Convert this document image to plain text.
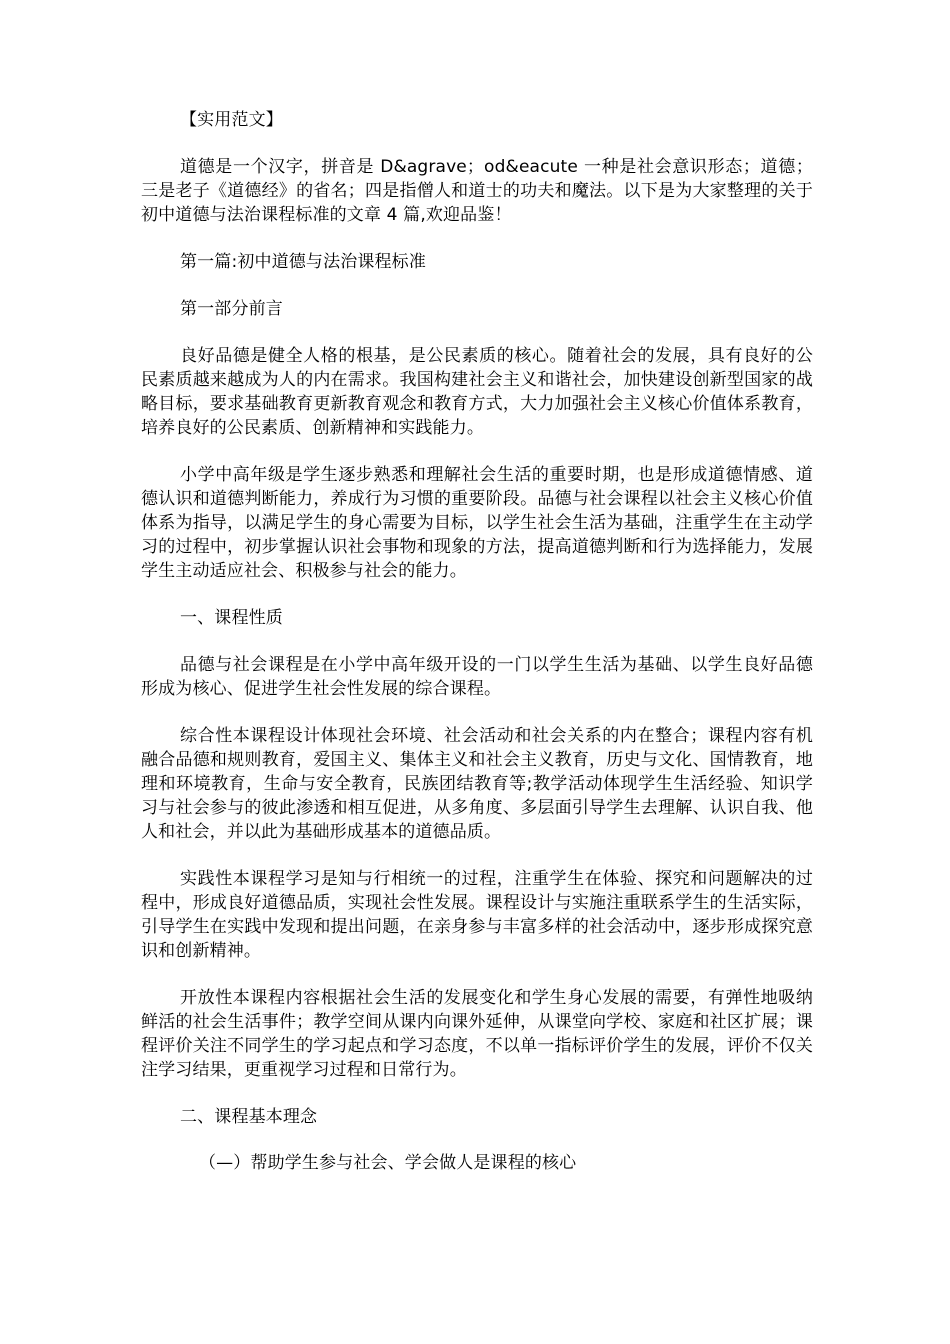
【实用范文】

道德是一个汉字，拼音是 D&agrave；od&eacute 一种是社会意识形态；道德；三是老子《道德经》的省名；四是指僧人和道士的功夫和魔法。以下是为大家整理的关于初中道德与法治课程标准的文章 4 篇,欢迎品鉴！

第一篇:初中道德与法治课程标准

第一部分前言

良好品德是健全人格的根基，是公民素质的核心。随着社会的发展，具有良好的公民素质越来越成为人的内在需求。我国构建社会主义和谐社会，加快建设创新型国家的战略目标，要求基础教育更新教育观念和教育方式，大力加强社会主义核心价值体系教育，培养良好的公民素质、创新精神和实践能力。

小学中高年级是学生逐步熟悉和理解社会生活的重要时期，也是形成道德情感、道德认识和道德判断能力，养成行为习惯的重要阶段。品德与社会课程以社会主义核心价值体系为指导，以满足学生的身心需要为目标，以学生社会生活为基础，注重学生在主动学习的过程中，初步掌握认识社会事物和现象的方法，提高道德判断和行为选择能力，发展学生主动适应社会、积极参与社会的能力。

一、课程性质

品德与社会课程是在小学中高年级开设的一门以学生生活为基础、以学生良好品德形成为核心、促进学生社会性发展的综合课程。

综合性本课程设计体现社会环境、社会活动和社会关系的内在整合；课程内容有机融合品德和规则教育，爱国主义、集体主义和社会主义教育，历史与文化、国情教育，地理和环境教育，生命与安全教育，民族团结教育等;教学活动体现学生生活经验、知识学习与社会参与的彼此渗透和相互促进，从多角度、多层面引导学生去理解、认识自我、他人和社会，并以此为基础形成基本的道德品质。

实践性本课程学习是知与行相统一的过程，注重学生在体验、探究和问题解决的过程中，形成良好道德品质，实现社会性发展。课程设计与实施注重联系学生的生活实际，引导学生在实践中发现和提出问题，在亲身参与丰富多样的社会活动中，逐步形成探究意识和创新精神。

开放性本课程内容根据社会生活的发展变化和学生身心发展的需要，有弹性地吸纳鲜活的社会生活事件；教学空间从课内向课外延伸，从课堂向学校、家庭和社区扩展；课程评价关注不同学生的学习起点和学习态度，不以单一指标评价学生的发展，评价不仅关注学习结果，更重视学习过程和日常行为。

二、课程基本理念

（—）帮助学生参与社会、学会做人是课程的核心
